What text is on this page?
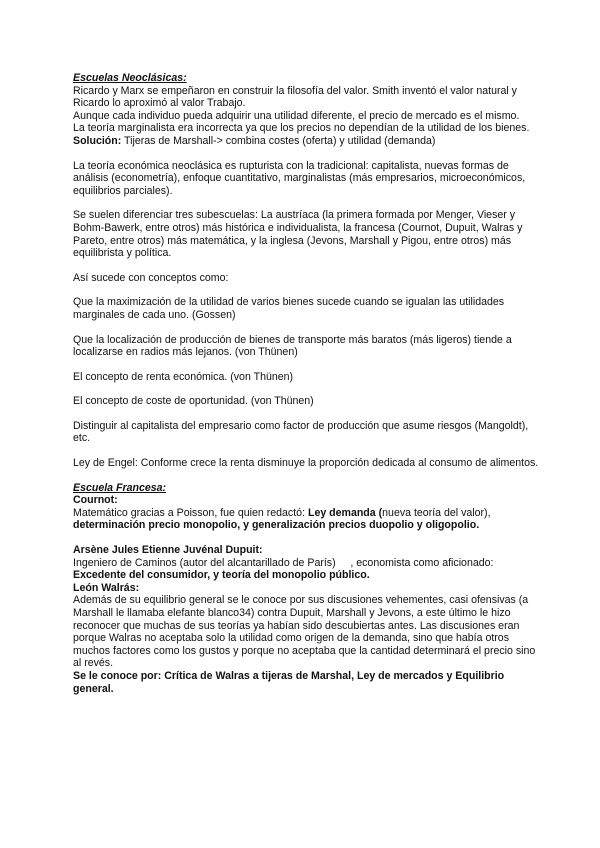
Escuelas Neoclásicas:

Ricardo y Marx se empeñaron en construir la filosofía del valor. Smith inventó el valor natural y Ricardo lo aproximó al valor Trabajo.

Aunque cada individuo pueda adquirir una utilidad diferente, el precio de mercado es el mismo.

La teoría marginalista era incorrecta ya que los precios no dependían de la utilidad de los bienes. Solución: Tijeras de Marshall-> combina costes (oferta) y utilidad (demanda)

La teoría económica neoclásica es rupturista con la tradicional: capitalista, nuevas formas de análisis (econometría), enfoque cuantitativo, marginalistas (más empresarios, microeconómicos, equilibrios parciales).

Se suelen diferenciar tres subescuelas: La austríaca (la primera formada por Menger, Vieser y Bohm-Bawerk, entre otros) más histórica e individualista, la francesa (Cournot, Dupuit, Walras y Pareto, entre otros) más matemática, y la inglesa (Jevons, Marshall y Pigou, entre otros) más equilibrista y política.

Así sucede con conceptos como:

Que la maximización de la utilidad de varios bienes sucede cuando se igualan las utilidades marginales de cada uno. (Gossen)

Que la localización de producción de bienes de transporte más baratos (más ligeros) tiende a localizarse en radios más lejanos. (von Thünen)

El concepto de renta económica. (von Thünen)

El concepto de coste de oportunidad. (von Thünen)

Distinguir al capitalista del empresario como factor de producción que asume riesgos (Mangoldt), etc.

Ley de Engel: Conforme crece la renta disminuye la proporción dedicada al consumo de alimentos.

Escuela Francesa:

Cournot:

Matemático gracias a Poisson, fue quien redactó: Ley demanda (nueva teoría del valor), determinación precio monopolio, y generalización precios duopolio y oligopolio.

Arsène Jules Etienne Juvénal Dupuit:

Ingeniero de Caminos (autor del alcantarillado de París) , economista como aficionado:

Excedente del consumidor, y teoría del monopolio público.

León Walrás:

Además de su equilibrio general se le conoce por sus discusiones vehementes, casi ofensivas (a Marshall le llamaba elefante blanco34) contra Dupuit, Marshall y Jevons, a este último le hizo reconocer que muchas de sus teorías ya habían sido descubiertas antes. Las discusiones eran porque Walras no aceptaba solo la utilidad como origen de la demanda, sino que había otros muchos factores como los gustos y porque no aceptaba que la cantidad determinará el precio sino al revés.

Se le conoce por: Crítica de Walras a tijeras de Marshal, Ley de mercados y Equilibrio general.
